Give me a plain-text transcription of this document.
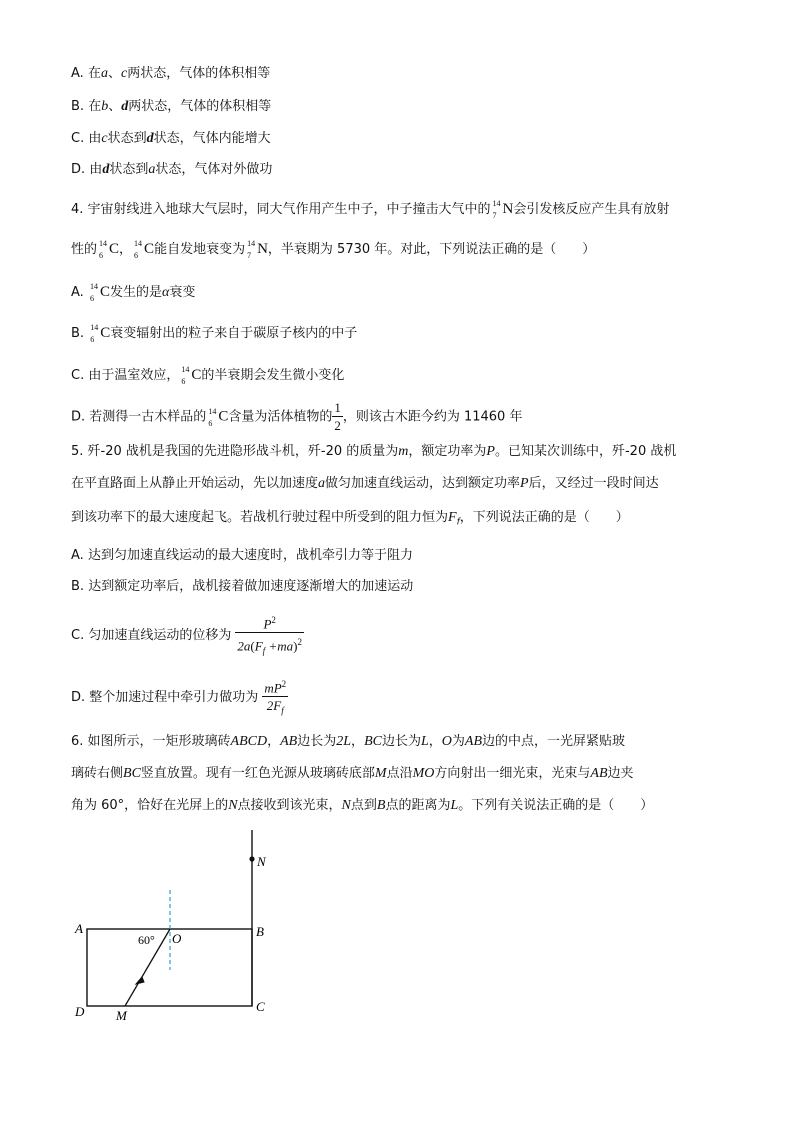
A. 在a、c两状态，气体的体积相等
B. 在b、d两状态，气体的体积相等
C. 由c状态到d状态，气体内能增大
D. 由d状态到a状态，气体对外做功
4. 宇宙射线进入地球大气层时，同大气作用产生中子，中子撞击大气中的 14
7 N会引发核反应产生具有放射
性的 14
6 C， 14
6 C能自发地衰变为 14
7 N，半衰期为 5730 年。对此，下列说法正确的是（　　）
A. 14
6 C发生的是α衰变
B. 14
6 C衰变辐射出的粒子来自于碳原子核内的中子
C. 由于温室效应， 14
6 C的半衰期会发生微小变化
D. 若测得一古木样品的 14
6 C含量为活体植物的 $\frac{1}{2}$ ，则该古木距今约为 11460 年
5. 歼-20 战机是我国的先进隐形战斗机，歼-20 的质量为m，额定功率为P。已知某次训练中，歼-20 战机
在平直路面上从静止开始运动，先以加速度a做匀加速直线运动，达到额定功率P后，又经过一段时间达
到该功率下的最大速度起飞。若战机行驶过程中所受到的阻力恒为$F_f$，下列说法正确的是（　　）
A. 达到匀加速直线运动的最大速度时，战机牵引力等于阻力
B. 达到额定功率后，战机接着做加速度逐渐增大的加速运动
C. 匀加速直线运动的位移为 $\frac{P^2}{2a(F_f +ma)^2}$
D. 整个加速过程中牵引力做功为 $\frac{mP^2}{2F_f}$
6. 如图所示，一矩形玻璃砖ABCD，AB边长为2L，BC边长为L，O为AB边的中点，一光屏紧贴玻
璃砖右侧BC竖直放置。现有一红色光源从玻璃砖底部M点沿MO方向射出一细光束，光束与AB边夹
角为 60°，恰好在光屏上的N点接收到该光束，N点到B点的距离为L。下列有关说法正确的是（　　）
A	B
C
D
O
M
N
60°
